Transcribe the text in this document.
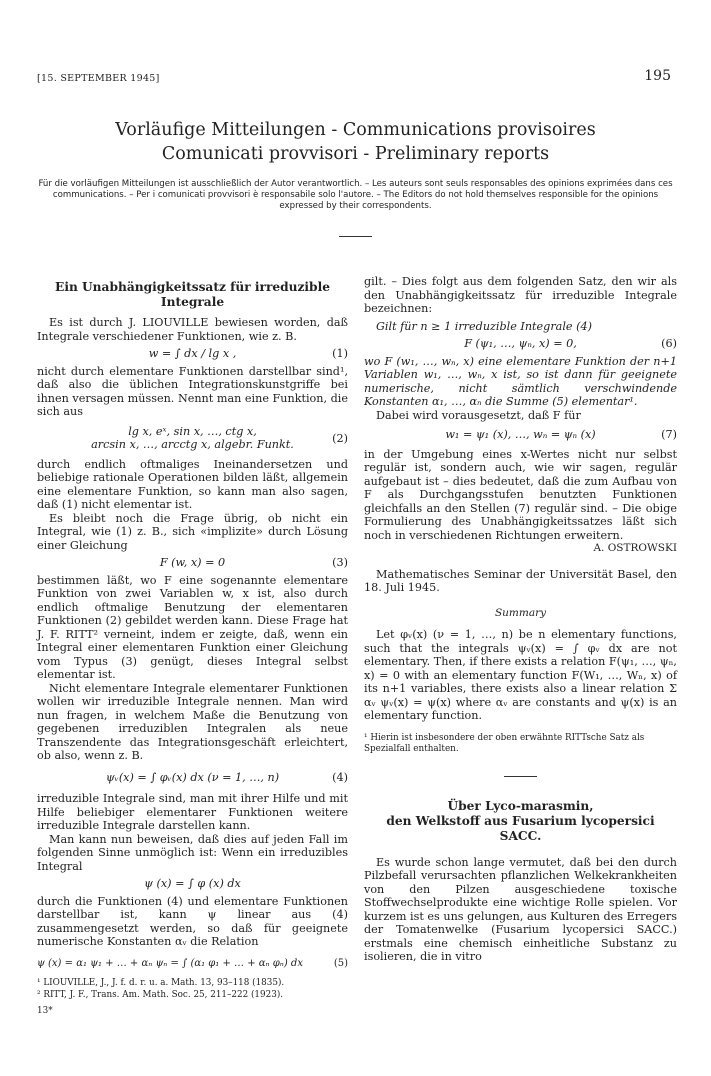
[15. SEPTEMBER 1945]	195
Vorläufige Mitteilungen - Communications provisoires
Comunicati provvisori - Preliminary reports
Für die vorläufigen Mitteilungen ist ausschließlich der Autor verantwortlich. – Les auteurs sont seuls responsables des opinions exprimées dans ces communications. – Per i comunicati provvisori è responsabile solo l'autore. – The Editors do not hold themselves responsible for the opinions expressed by their correspondents.
Ein Unabhängigkeitssatz für irreduzible Integrale

Es ist durch J. LIOUVILLE bewiesen worden, daß Integrale verschiedener Funktionen, wie z. B.

w = ∫ dx / lg x ,	(1)

nicht durch elementare Funktionen darstellbar sind¹, daß also die üblichen Integrationskunstgriffe bei ihnen versagen müssen. Nennt man eine Funktion, die sich aus

lg x, eˣ, sin x, …, ctg x,
arcsin x, …, arcctg x, algebr. Funkt.	(2)

durch endlich oftmaliges Ineinandersetzen und beliebige rationale Operationen bilden läßt, allgemein eine elementare Funktion, so kann man also sagen, daß (1) nicht elementar ist.

Es bleibt noch die Frage übrig, ob nicht ein Integral, wie (1) z. B., sich «implizite» durch Lösung einer Gleichung

F (w, x) = 0	(3)

bestimmen läßt, wo F eine sogenannte elementare Funktion von zwei Variablen w, x ist, also durch endlich oftmalige Benutzung der elementaren Funktionen (2) gebildet werden kann. Diese Frage hat J. F. RITT² verneint, indem er zeigte, daß, wenn ein Integral einer elementaren Funktion einer Gleichung vom Typus (3) genügt, dieses Integral selbst elementar ist.

Nicht elementare Integrale elementarer Funktionen wollen wir irreduzible Integrale nennen. Man wird nun fragen, in welchem Maße die Benutzung von gegebenen irreduziblen Integralen als neue Transzendente das Integrationsgeschäft erleichtert, ob also, wenn z. B.

ψᵥ(x) = ∫ φᵥ(x) dx (ν = 1, …, n)	(4)

irreduzible Integrale sind, man mit ihrer Hilfe und mit Hilfe beliebiger elementarer Funktionen weitere irreduzible Integrale darstellen kann.

Man kann nun beweisen, daß dies auf jeden Fall im folgenden Sinne unmöglich ist: Wenn ein irreduzibles Integral

ψ (x) = ∫ φ (x) dx

durch die Funktionen (4) und elementare Funktionen darstellbar ist, kann ψ linear aus (4) zusammengesetzt werden, so daß für geeignete numerische Konstanten αᵥ die Relation

ψ (x) = α₁ ψ₁ + … + αₙ ψₙ = ∫ (α₁ φ₁ + … + αₙ φₙ) dx	(5)
¹ LIOUVILLE, J., J. f. d. r. u. a. Math. 13, 93–118 (1835).
² RITT, J. F., Trans. Am. Math. Soc. 25, 211–222 (1923).
13*

gilt. – Dies folgt aus dem folgenden Satz, den wir als den Unabhängigkeitssatz für irreduzible Integrale bezeichnen:

Gilt für n ≥ 1 irreduzible Integrale (4)

F (ψ₁, …, ψₙ, x) = 0,	(6)

wo F (w₁, …, wₙ, x) eine elementare Funktion der n+1 Variablen w₁, …, wₙ, x ist, so ist dann für geeignete numerische, nicht sämtlich verschwindende Konstanten α₁, …, αₙ die Summe (5) elementar¹.

Dabei wird vorausgesetzt, daß F für

w₁ = ψ₁ (x), …, wₙ = ψₙ (x)	(7)

in der Umgebung eines x-Wertes nicht nur selbst regulär ist, sondern auch, wie wir sagen, regulär aufgebaut ist – dies bedeutet, daß die zum Aufbau von F als Durchgangsstufen benutzten Funktionen gleichfalls an den Stellen (7) regulär sind. – Die obige Formulierung des Unabhängigkeitssatzes läßt sich noch in verschiedenen Richtungen erweitern.

A. OSTROWSKI

Mathematisches Seminar der Universität Basel, den 18. Juli 1945.

Summary

Let φᵥ(x) (ν = 1, …, n) be n elementary functions, such that the integrals ψᵥ(x) = ∫ φᵥ dx are not elementary. Then, if there exists a relation F(ψ₁, …, ψₙ, x) = 0 with an elementary function F(W₁, …, Wₙ, x) of its n+1 variables, there exists also a linear relation Σ αᵥ ψᵥ(x) = ψ(x) where αᵥ are constants and ψ(x) is an elementary function.

¹ Hierin ist insbesondere der oben erwähnte RITTsche Satz als Spezialfall enthalten.
Über Lyco-marasmin,
den Welkstoff aus Fusarium lycopersici SACC.

Es wurde schon lange vermutet, daß bei den durch Pilzbefall verursachten pflanzlichen Welkekrankheiten von den Pilzen ausgeschiedene toxische Stoffwechselprodukte eine wichtige Rolle spielen. Vor kurzem ist es uns gelungen, aus Kulturen des Erregers der Tomatenwelke (Fusarium lycopersici SACC.) erstmals eine chemisch einheitliche Substanz zu isolieren, die in vitro
